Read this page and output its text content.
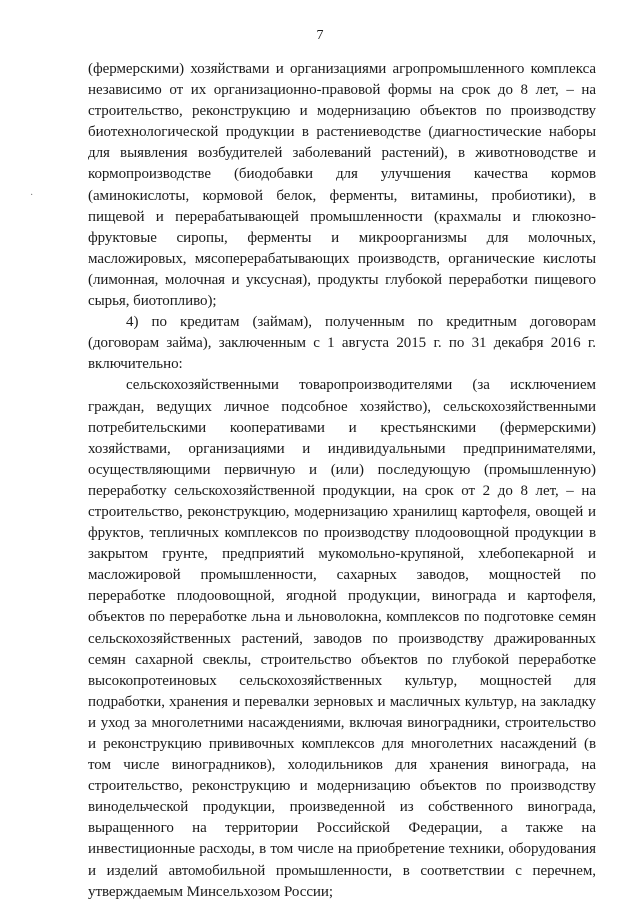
7
·

(фермерскими) хозяйствами и организациями агропромышленного комплекса независимо от их организационно-правовой формы на срок до 8 лет, – на строительство, реконструкцию и модернизацию объектов по производству биотехнологической продукции в растениеводстве (диагностические наборы для выявления возбудителей заболеваний растений), в животноводстве и кормопроизводстве (биодобавки для улучшения качества кормов (аминокислоты, кормовой белок, ферменты, витамины, пробиотики), в пищевой и перерабатывающей промышленности (крахмалы и глюкозно-фруктовые сиропы, ферменты и микроорганизмы для молочных, масложировых, мясоперерабатывающих производств, органические кислоты (лимонная, молочная и уксусная), продукты глубокой переработки пищевого сырья, биотопливо);

4) по кредитам (займам), полученным по кредитным договорам (договорам займа), заключенным с 1 августа 2015 г. по 31 декабря 2016 г. включительно:

сельскохозяйственными товаропроизводителями (за исключением граждан, ведущих личное подсобное хозяйство), сельскохозяйственными потребительскими кооперативами и крестьянскими (фермерскими) хозяйствами, организациями и индивидуальными предпринимателями, осуществляющими первичную и (или) последующую (промышленную) переработку сельскохозяйственной продукции, на срок от 2 до 8 лет, – на строительство, реконструкцию, модернизацию хранилищ картофеля, овощей и фруктов, тепличных комплексов по производству плодоовощной продукции в закрытом грунте, предприятий мукомольно-крупяной, хлебопекарной и масложировой промышленности, сахарных заводов, мощностей по переработке плодоовощной, ягодной продукции, винограда и картофеля, объектов по переработке льна и льноволокна, комплексов по подготовке семян сельскохозяйственных растений, заводов по производству дражированных семян сахарной свеклы, строительство объектов по глубокой переработке высокопротеиновых сельскохозяйственных культур, мощностей для подработки, хранения и перевалки зерновых и масличных культур, на закладку и уход за многолетними насаждениями, включая виноградники, строительство и реконструкцию прививочных комплексов для многолетних насаждений (в том числе виноградников), холодильников для хранения винограда, на строительство, реконструкцию и модернизацию объектов по производству винодельческой продукции, произведенной из собственного винограда, выращенного на территории Российской Федерации, а также на инвестиционные расходы, в том числе на приобретение техники, оборудования и изделий автомобильной промышленности, в соответствии с перечнем, утверждаемым Минсельхозом России;
